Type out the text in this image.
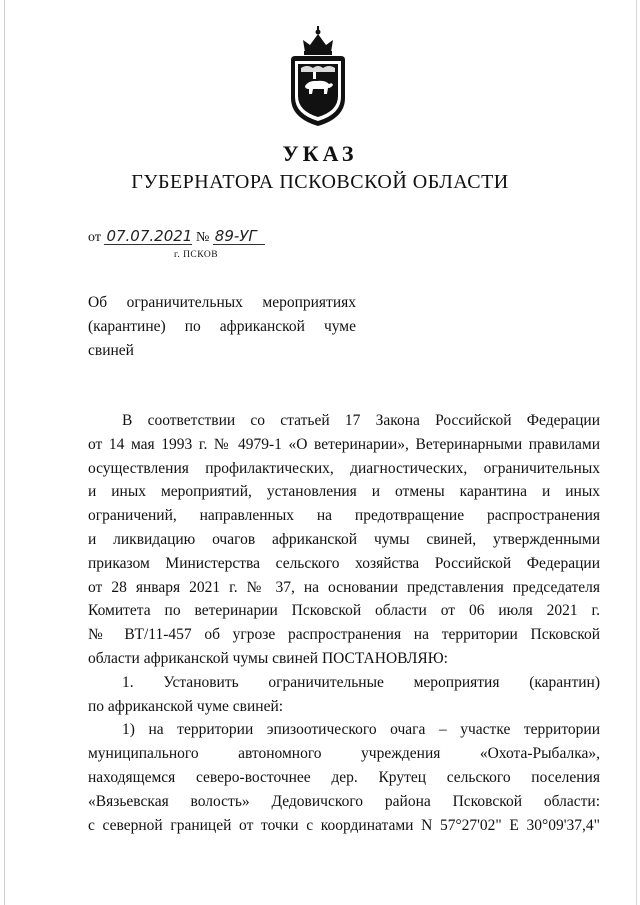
УКАЗ
ГУБЕРНАТОРА ПСКОВСКОЙ ОБЛАСТИ
от 07.07.2021 № 89-УГ
г. ПСКОВ
Об ограничительных мероприятиях
(карантине) по африканской чуме
свиней
В соответствии со статьей 17 Закона Российской Федерации
от 14 мая 1993 г. № 4979-1 «О ветеринарии», Ветеринарными правилами
осуществления профилактических, диагностических, ограничительных
и иных мероприятий, установления и отмены карантина и иных
ограничений, направленных на предотвращение распространения
и ликвидацию очагов африканской чумы свиней, утвержденными
приказом Министерства сельского хозяйства Российской Федерации
от 28 января 2021 г. № 37, на основании представления председателя
Комитета по ветеринарии Псковской области от 06 июля 2021 г.
№ ВТ/11-457 об угрозе распространения на территории Псковской
области африканской чумы свиней ПОСТАНОВЛЯЮ:
1. Установить ограничительные мероприятия (карантин)
по африканской чуме свиней:
1) на территории эпизоотического очага – участке территории
муниципального автономного учреждения «Охота-Рыбалка»,
находящемся северо-восточнее дер. Крутец сельского поселения
«Вязьевская волость» Дедовичского района Псковской области:
с северной границей от точки с координатами N 57°27'02" E 30°09'37,4"
